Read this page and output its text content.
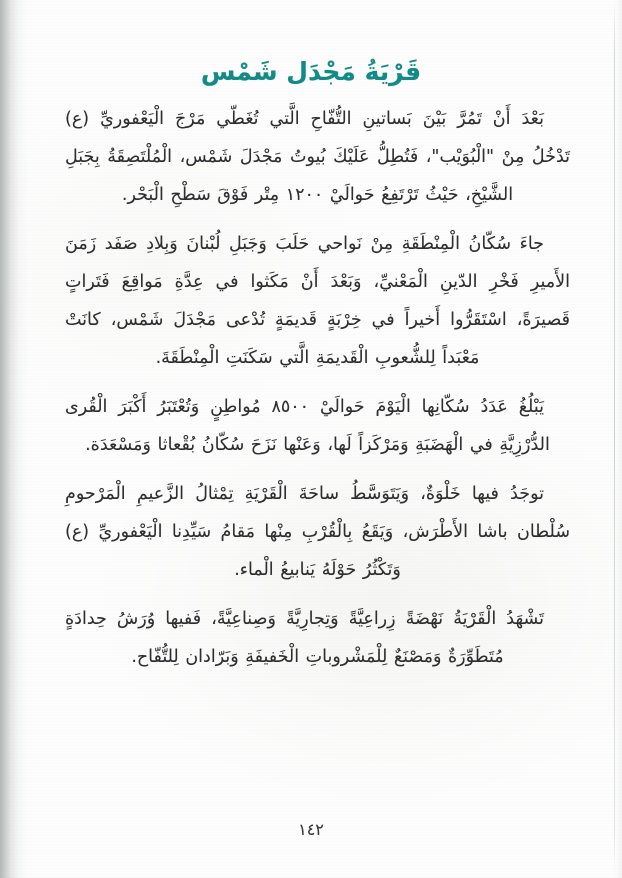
قَرْيَةُ مَجْدَل شَمْس

بَعْدَ أَنْ تَمُرَّ بَيْنَ بَساتينِ التُّفّاحِ الَّتي تُغَطّي مَرْجَ الْيَعْفوريِّ (ع) تَدْخُلُ مِنْ "الْبُوَيْب"، فَتُطِلُّ عَلَيْكَ بُيوتُ مَجْدَلَ شَمْس، الْمُلْتَصِقَةُ بِجَبَلِ الشَّيْخِ، حَيْثُ تَرْتَفِعُ حَوالَيْ ١٢٠٠ مِتْر فَوْقَ سَطْحِ الْبَحْر.

جاءَ سُكّانُ الْمِنْطَقَةِ مِنْ نَواحي حَلَبَ وَجَبَلِ لُبْنانَ وَبِلادِ صَفَد زَمَنَ الأَميرِ فَخْرِ الدّينِ الْمَعْنيِّ، وَبَعْدَ أَنْ مَكَثوا في عِدَّةِ مَواقِعَ فَتَراتٍ قَصيرَةً، اسْتَقَرُّوا أَخيراً في خِرْبَةٍ قَديمَةٍ تُدْعى مَجْدَلَ شَمْس، كانَتْ مَعْبَداً لِلشُّعوبِ الْقَديمَةِ الَّتي سَكَنَتِ الْمِنْطَقَةَ.

يَبْلُغُ عَدَدُ سُكّانِها الْيَوْمَ حَوالَيْ ٨٥٠٠ مُواطِنٍ وَتُعْتَبَرُ أَكْبَرَ الْقُرى الدُّرْزِيَّةِ في الْهَضَبَةِ وَمَرْكَزاً لَها، وَعَنْها نَزَحَ سُكّانُ بُقْعاثا وَمَسْعَدَة.

توجَدُ فيها خَلْوَةٌ، وَيَتَوَسَّطُ ساحَةَ الْقَرْيَةِ تِمْثالُ الزَّعيمِ الْمَرْحومِ سُلْطان باشا الأَطْرَش، وَيَقَعُ بِالْقُرْبِ مِنْها مَقامُ سَيِّدِنا الْيَعْفوريِّ (ع) وَتَكْثُرُ حَوْلَهُ يَنابيعُ الْماء.

تَشْهَدُ الْقَرْيَةُ نَهْضَةً زِراعِيَّةً وَتِجارِيَّةً وَصِناعِيَّةً، فَفيها وُرَشُ حِدادَةٍ مُتَطَوِّرَةٌ وَمَصْنَعٌ لِلْمَشْروباتِ الْخَفيفَةِ وَبَرّادان لِلتُّفّاح.

١٤٢
